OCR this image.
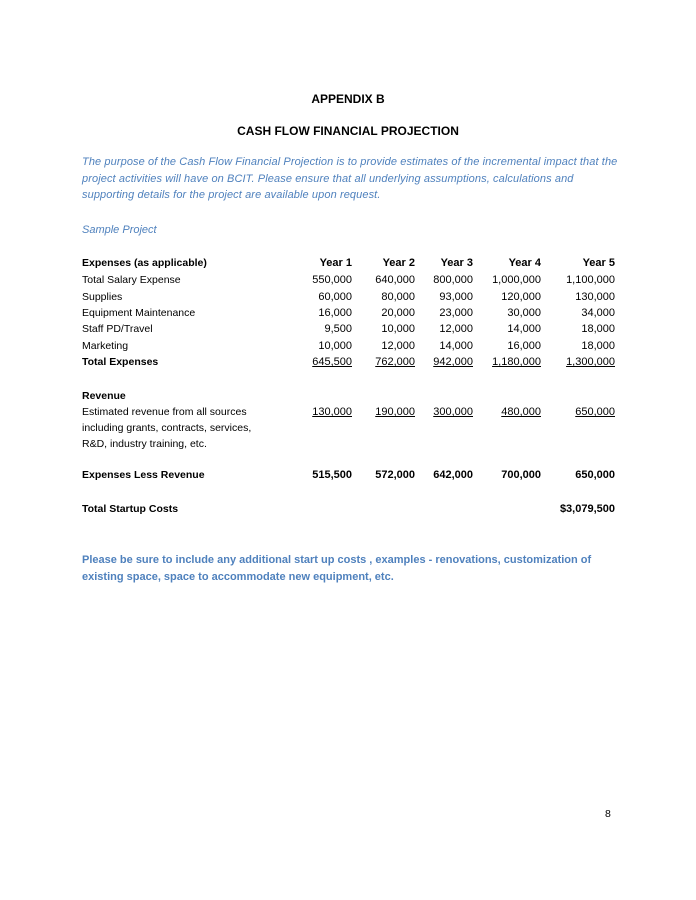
APPENDIX B
CASH FLOW FINANCIAL PROJECTION
The purpose of the Cash Flow Financial Projection is to provide estimates of the incremental impact that the project activities will have on BCIT. Please ensure that all underlying assumptions, calculations and supporting details for the project are available upon request.
Sample Project
Expenses (as applicable)	Year 1	Year 2	Year 3	Year 4	Year 5
Total Salary Expense	550,000	640,000	800,000	1,000,000	1,100,000
Supplies	60,000	80,000	93,000	120,000	130,000
Equipment Maintenance	16,000	20,000	23,000	30,000	34,000
Staff PD/Travel	9,500	10,000	12,000	14,000	18,000
Marketing	10,000	12,000	14,000	16,000	18,000
Total Expenses	645,500	762,000	942,000	1,180,000	1,300,000
Revenue
Estimated revenue from all sources
including grants, contracts, services,
R&D, industry training, etc.
130,000	190,000	300,000	480,000	650,000
Expenses Less Revenue	515,500	572,000	642,000	700,000	650,000
Total Startup Costs	$3,079,500
Please be sure to include any additional start up costs , examples - renovations, customization of existing space, space to accommodate new equipment, etc.
8
